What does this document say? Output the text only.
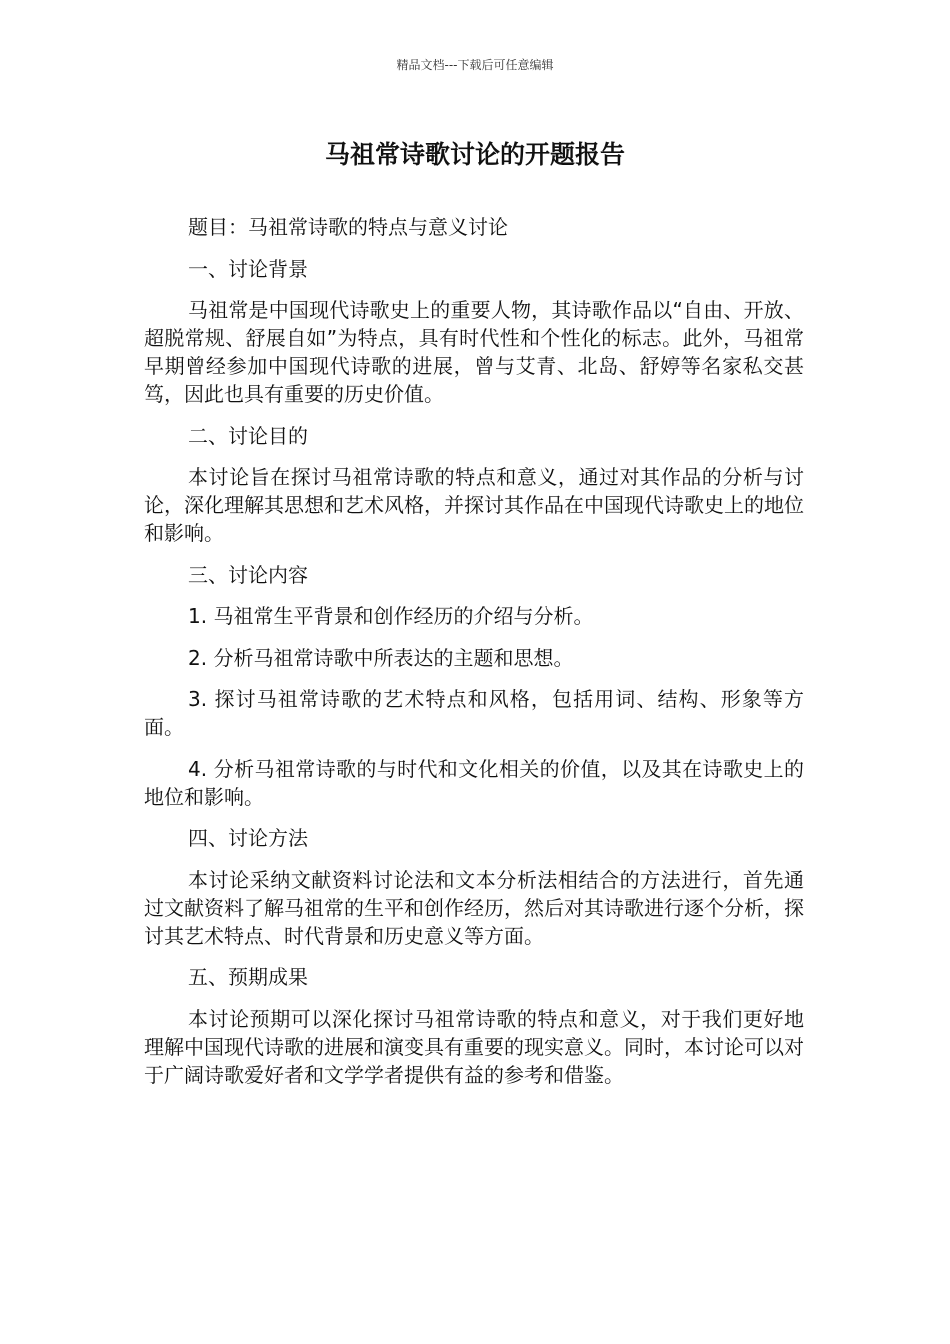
精品文档---下载后可任意编辑
马祖常诗歌讨论的开题报告

题目：马祖常诗歌的特点与意义讨论

一、讨论背景

马祖常是中国现代诗歌史上的重要人物，其诗歌作品以“自由、开放、超脱常规、舒展自如”为特点，具有时代性和个性化的标志。此外，马祖常早期曾经参加中国现代诗歌的进展，曾与艾青、北岛、舒婷等名家私交甚笃，因此也具有重要的历史价值。

二、讨论目的

本讨论旨在探讨马祖常诗歌的特点和意义，通过对其作品的分析与讨论，深化理解其思想和艺术风格，并探讨其作品在中国现代诗歌史上的地位和影响。

三、讨论内容

1. 马祖常生平背景和创作经历的介绍与分析。

2. 分析马祖常诗歌中所表达的主题和思想。

3. 探讨马祖常诗歌的艺术特点和风格，包括用词、结构、形象等方面。

4. 分析马祖常诗歌的与时代和文化相关的价值，以及其在诗歌史上的地位和影响。

四、讨论方法

本讨论采纳文献资料讨论法和文本分析法相结合的方法进行，首先通过文献资料了解马祖常的生平和创作经历，然后对其诗歌进行逐个分析，探讨其艺术特点、时代背景和历史意义等方面。

五、预期成果

本讨论预期可以深化探讨马祖常诗歌的特点和意义，对于我们更好地理解中国现代诗歌的进展和演变具有重要的现实意义。同时，本讨论可以对于广阔诗歌爱好者和文学学者提供有益的参考和借鉴。
